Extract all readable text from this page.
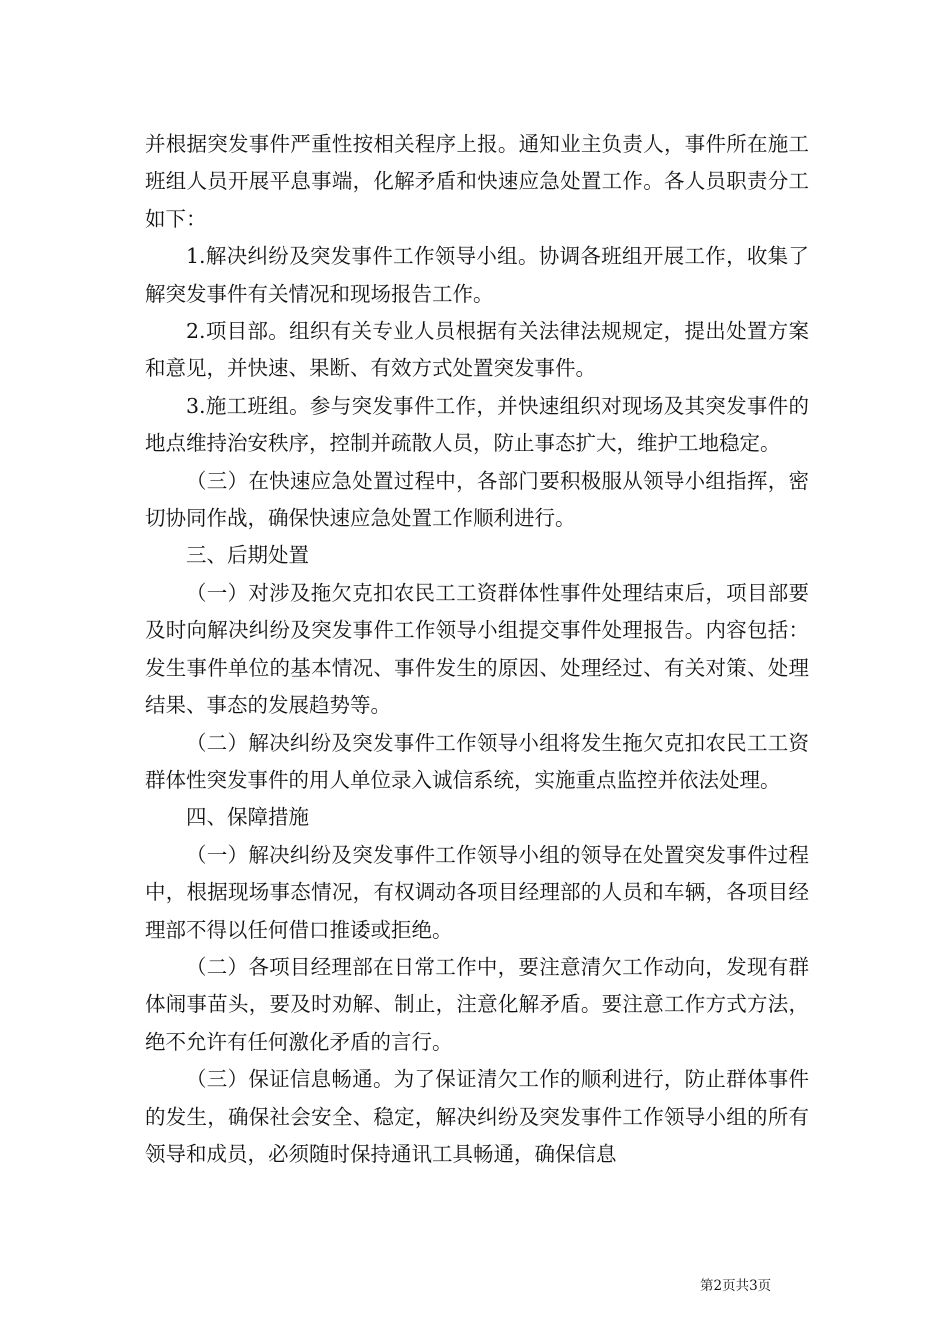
并根据突发事件严重性按相关程序上报。通知业主负责人，事件所在施工班组人员开展平息事端，化解矛盾和快速应急处置工作。各人员职责分工如下：

1.解决纠纷及突发事件工作领导小组。协调各班组开展工作，收集了解突发事件有关情况和现场报告工作。

2.项目部。组织有关专业人员根据有关法律法规规定，提出处置方案和意见，并快速、果断、有效方式处置突发事件。

3.施工班组。参与突发事件工作，并快速组织对现场及其突发事件的地点维持治安秩序，控制并疏散人员，防止事态扩大，维护工地稳定。

（三）在快速应急处置过程中，各部门要积极服从领导小组指挥，密切协同作战，确保快速应急处置工作顺利进行。

三、后期处置

（一）对涉及拖欠克扣农民工工资群体性事件处理结束后，项目部要及时向解决纠纷及突发事件工作领导小组提交事件处理报告。内容包括：发生事件单位的基本情况、事件发生的原因、处理经过、有关对策、处理结果、事态的发展趋势等。

（二）解决纠纷及突发事件工作领导小组将发生拖欠克扣农民工工资群体性突发事件的用人单位录入诚信系统，实施重点监控并依法处理。

四、保障措施

（一）解决纠纷及突发事件工作领导小组的领导在处置突发事件过程中，根据现场事态情况，有权调动各项目经理部的人员和车辆，各项目经理部不得以任何借口推诿或拒绝。

（二）各项目经理部在日常工作中，要注意清欠工作动向，发现有群体闹事苗头，要及时劝解、制止，注意化解矛盾。要注意工作方式方法，绝不允许有任何激化矛盾的言行。

（三）保证信息畅通。为了保证清欠工作的顺利进行，防止群体事件的发生，确保社会安全、稳定，解决纠纷及突发事件工作领导小组的所有领导和成员，必须随时保持通讯工具畅通，确保信息

第2页共3页
